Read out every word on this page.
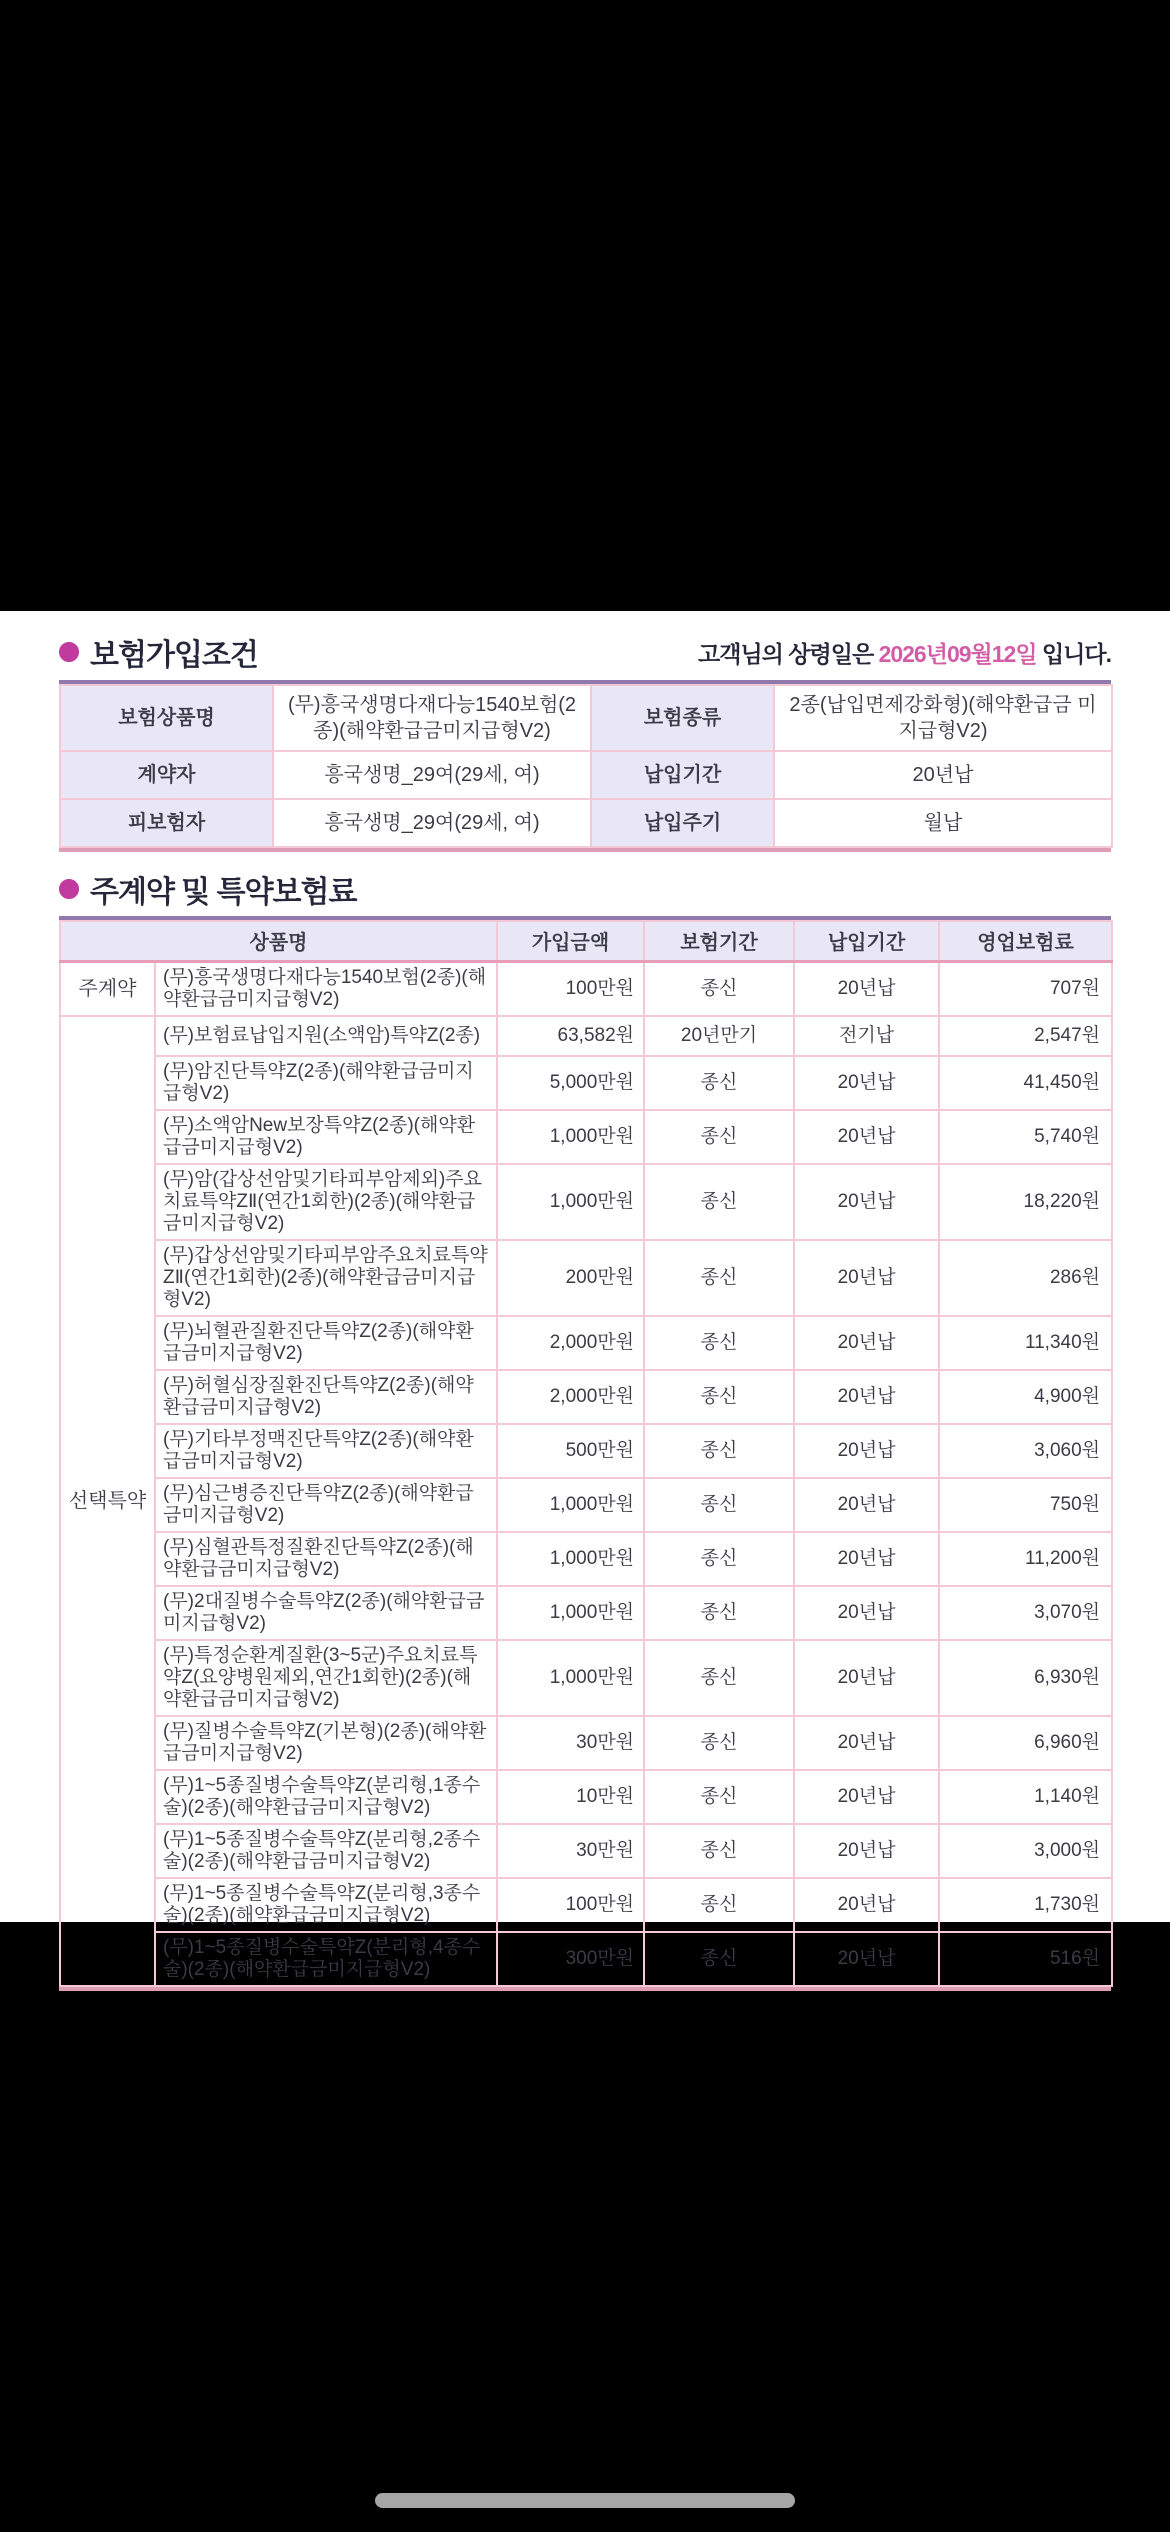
보험가입조건	고객님의 상령일은 2026년09월12일 입니다.
보험상품명	(무)흥국생명다재다능1540보험(2종)(해약환급금미지급형V2)	보험종류	2종(납입면제강화형)(해약환급금 미지급형V2)
계약자	흥국생명_29여(29세, 여)	납입기간	20년납
피보험자	흥국생명_29여(29세, 여)	납입주기	월납
주계약 및 특약보험료
상품명		가입금액	보험기간	납입기간	영업보험료
주계약	(무)흥국생명다재다능1540보험(2종)(해약환급금미지급형V2)	100만원	종신	20년납	707원
선택특약	(무)보험료납입지원(소액암)특약Z(2종)	63,582원	20년만기	전기납	2,547원
	(무)암진단특약Z(2종)(해약환급금미지급형V2)	5,000만원	종신	20년납	41,450원
	(무)소액암New보장특약Z(2종)(해약환급금미지급형V2)	1,000만원	종신	20년납	5,740원
	(무)암(갑상선암및기타피부암제외)주요치료특약ZⅡ(연간1회한)(2종)(해약환급금미지급형V2)	1,000만원	종신	20년납	18,220원
	(무)갑상선암및기타피부암주요치료특약ZⅡ(연간1회한)(2종)(해약환급금미지급형V2)	200만원	종신	20년납	286원
	(무)뇌혈관질환진단특약Z(2종)(해약환급금미지급형V2)	2,000만원	종신	20년납	11,340원
	(무)허혈심장질환진단특약Z(2종)(해약환급금미지급형V2)	2,000만원	종신	20년납	4,900원
	(무)기타부정맥진단특약Z(2종)(해약환급금미지급형V2)	500만원	종신	20년납	3,060원
	(무)심근병증진단특약Z(2종)(해약환급금미지급형V2)	1,000만원	종신	20년납	750원
	(무)심혈관특정질환진단특약Z(2종)(해약환급금미지급형V2)	1,000만원	종신	20년납	11,200원
	(무)2대질병수술특약Z(2종)(해약환급금미지급형V2)	1,000만원	종신	20년납	3,070원
	(무)특정순환계질환(3~5군)주요치료특약Z(요양병원제외,연간1회한)(2종)(해약환급금미지급형V2)	1,000만원	종신	20년납	6,930원
	(무)질병수술특약Z(기본형)(2종)(해약환급금미지급형V2)	30만원	종신	20년납	6,960원
	(무)1~5종질병수술특약Z(분리형,1종수술)(2종)(해약환급금미지급형V2)	10만원	종신	20년납	1,140원
	(무)1~5종질병수술특약Z(분리형,2종수술)(2종)(해약환급금미지급형V2)	30만원	종신	20년납	3,000원
	(무)1~5종질병수술특약Z(분리형,3종수술)(2종)(해약환급금미지급형V2)	100만원	종신	20년납	1,730원
	(무)1~5종질병수술특약Z(분리형,4종수술)(2종)(해약환급금미지급형V2)	300만원	종신	20년납	516원
